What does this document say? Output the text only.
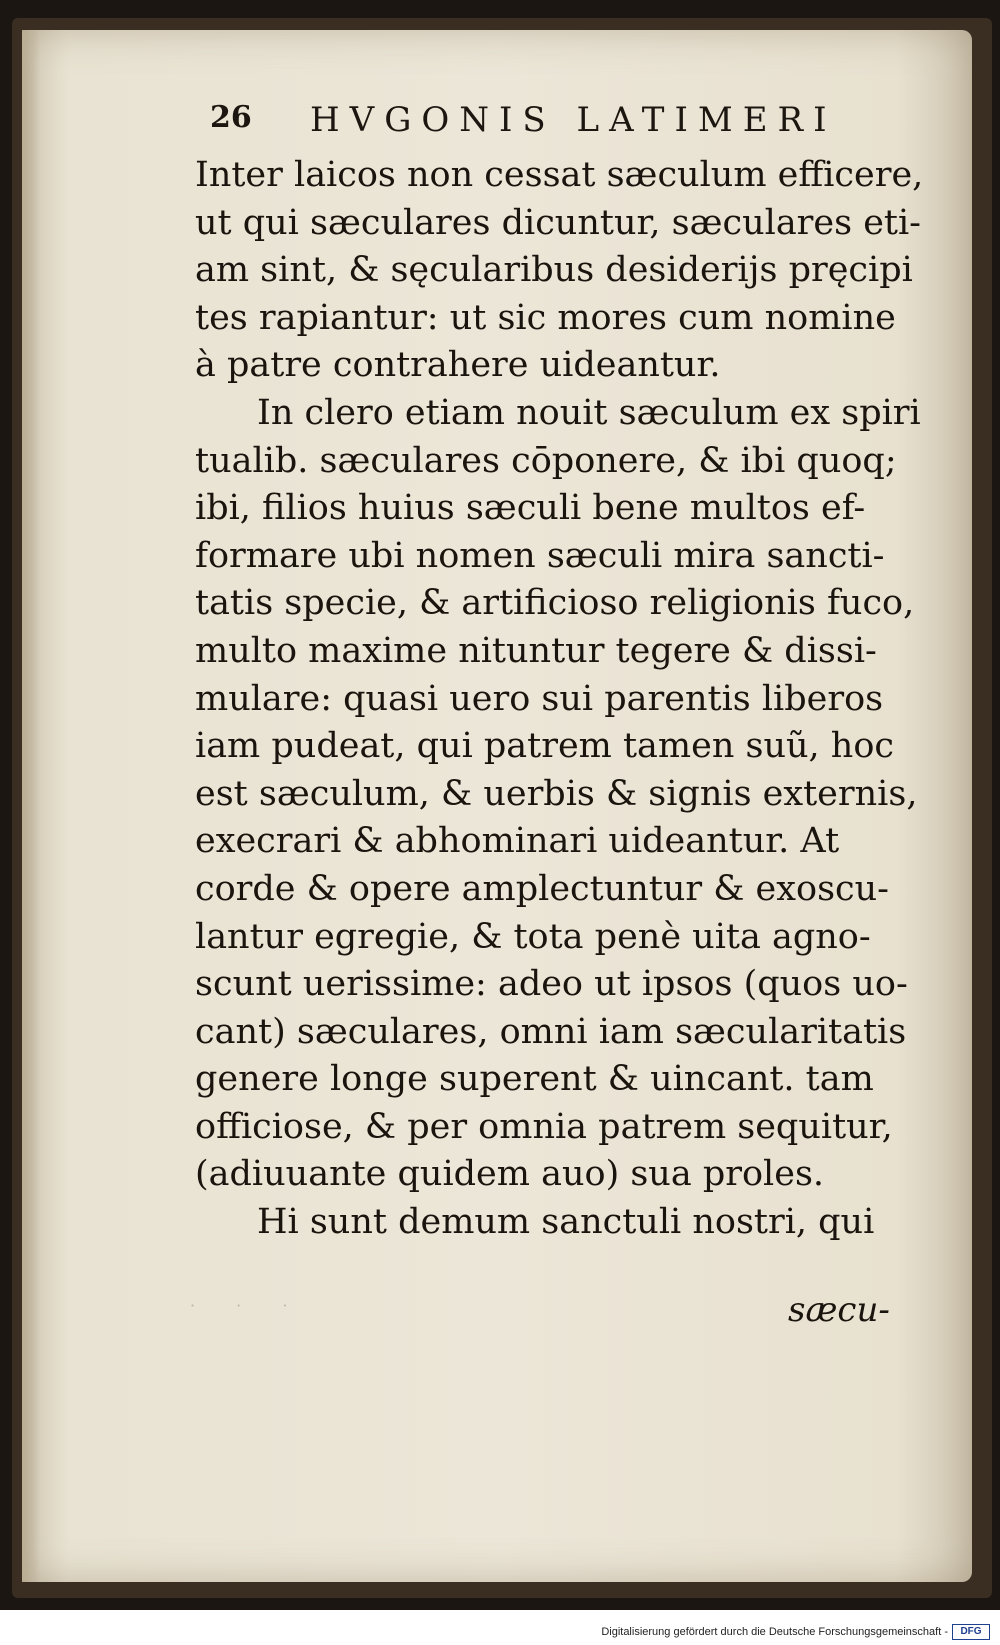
26 HVGONIS LATIMERI
Inter laicos non cessat sæculum efficere,
ut qui sæculares dicuntur, sæculares eti-
am sint, & sęcularibus desiderijs pręcipi
tes rapiantur: ut sic mores cum nomine
à patre contrahere uideantur.
In clero etiam nouit sæculum ex spiri
tualib. sæculares cōponere, & ibi quoq;
ibi, filios huius sæculi bene multos ef-
formare ubi nomen sæculi mira sancti-
tatis specie, & artificioso religionis fuco,
multo maxime nituntur tegere & dissi-
mulare: quasi uero sui parentis liberos
iam pudeat, qui patrem tamen suũ, hoc
est sæculum, & uerbis & signis externis,
execrari & abhominari uideantur. At
corde & opere amplectuntur & exoscu-
lantur egregie, & tota penè uita agno-
scunt uerissime: adeo ut ipsos (quos uo-
cant) sæculares, omni iam sæcularitatis
genere longe superent & uincant. tam
officiose, & per omnia patrem sequitur,
(adiuuante quidem auo) sua proles.
Hi sunt demum sanctuli nostri, qui
· · ·	sæcu-
Digitalisierung gefördert durch die Deutsche Forschungsgemeinschaft -	DFG
